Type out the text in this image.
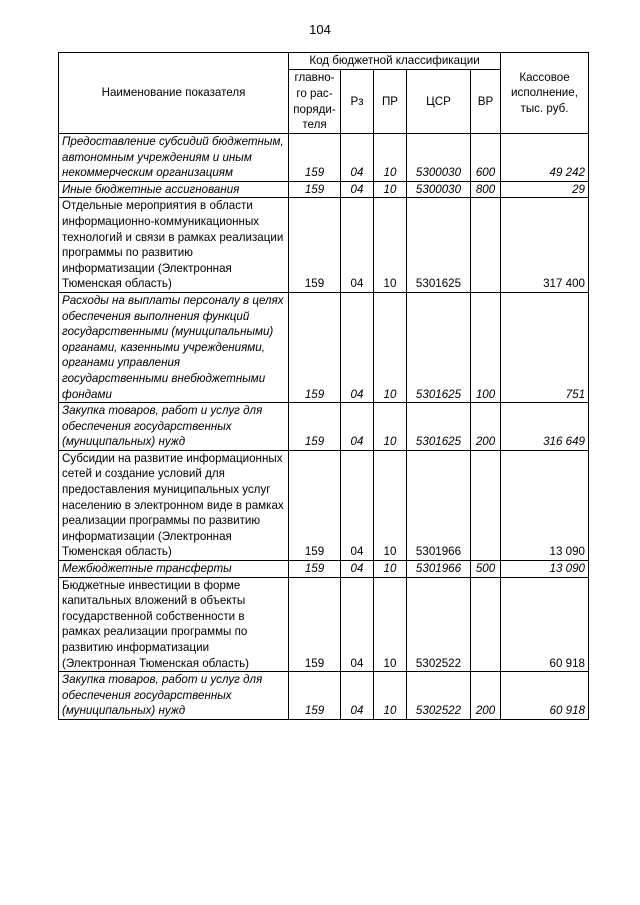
104
Наименование показателя	Код бюджетной классификации					Кассовое исполнение, тыс. руб.
	главно-го рас-поряди-теля	Рз	ПР	ЦСР	ВР	
Предоставление субсидий бюджетным, автономным учреждениям и иным некоммерческим организациям	159	04	10	5300030	600	49 242
Иные бюджетные ассигнования	159	04	10	5300030	800	29
Отдельные мероприятия в области информационно-коммуникационных технологий и связи в рамках реализации программы по развитию информатизации (Электронная Тюменская область)	159	04	10	5301625		317 400
Расходы на выплаты персоналу в целях обеспечения выполнения функций государственными (муниципальными) органами, казенными учреждениями, органами управления государственными внебюджетными фондами	159	04	10	5301625	100	751
Закупка товаров, работ и услуг для обеспечения государственных (муниципальных) нужд	159	04	10	5301625	200	316 649
Субсидии на развитие информационных сетей и создание условий для предоставления муниципальных услуг населению в электронном виде в рамках реализации программы по развитию информатизации (Электронная Тюменская область)	159	04	10	5301966		13 090
Межбюджетные трансферты	159	04	10	5301966	500	13 090
Бюджетные инвестиции в форме капитальных вложений в объекты государственной собственности в рамках реализации программы по развитию информатизации (Электронная Тюменская область)	159	04	10	5302522		60 918
Закупка товаров, работ и услуг для обеспечения государственных (муниципальных) нужд	159	04	10	5302522	200	60 918
